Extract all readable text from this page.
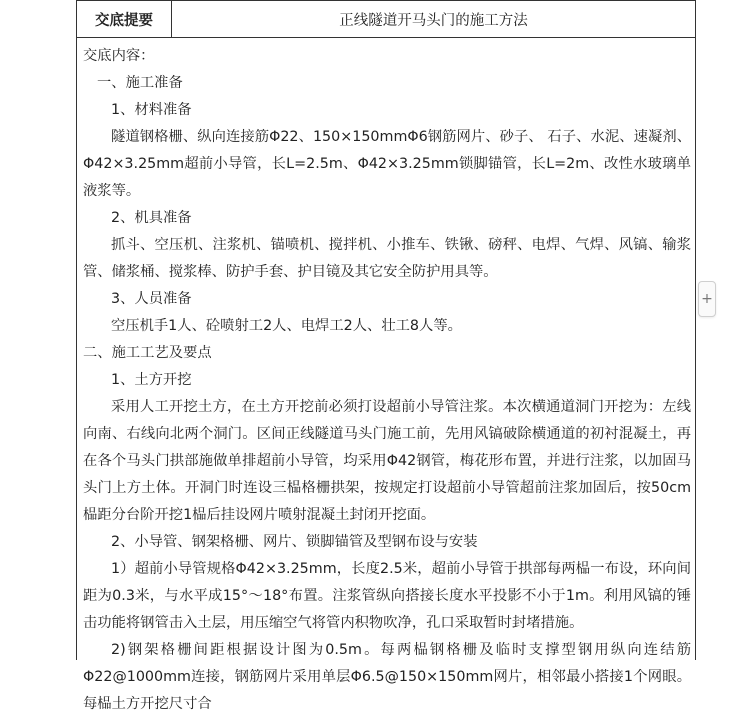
交底提要	正线隧道开马头门的施工方法

交底内容：

一、施工准备

1、材料准备

隧道钢格栅、纵向连接筋Φ22、150×150mmΦ6钢筋网片、砂子、 石子、水泥、速凝剂、Φ42×3.25mm超前小导管，长L=2.5m、Φ42×3.25mm锁脚锚管，长L=2m、改性水玻璃单液浆等。

2、机具准备

抓斗、空压机、注浆机、锚喷机、搅拌机、小推车、铁锹、磅秤、电焊、气焊、风镐、输浆管、储浆桶、搅浆棒、防护手套、护目镜及其它安全防护用具等。

3、人员准备

空压机手1人、砼喷射工2人、电焊工2人、壮工8人等。

二、施工工艺及要点

1、土方开挖

采用人工开挖土方，在土方开挖前必须打设超前小导管注浆。本次横通道洞门开挖为：左线向南、右线向北两个洞门。区间正线隧道马头门施工前，先用风镐破除横通道的初衬混凝土，再在各个马头门拱部施做单排超前小导管，均采用Φ42钢管，梅花形布置，并进行注浆，以加固马头门上方土体。开洞门时连设三榀格栅拱架，按规定打设超前小导管超前注浆加固后，按50cm榀距分台阶开挖1榀后挂设网片喷射混凝土封闭开挖面。

2、小导管、钢架格栅、网片、锁脚锚管及型钢布设与安装

1）超前小导管规格Φ42×3.25mm，长度2.5米，超前小导管于拱部每两榀一布设，环向间距为0.3米，与水平成15°～18°布置。注浆管纵向搭接长度水平投影不小于1m。利用风镐的锤击功能将钢管击入土层，用压缩空气将管内积物吹净，孔口采取暂时封堵措施。

2)钢架格栅间距根据设计图为0.5m。每两榀钢格栅及临时支撑型钢用纵向连结筋Φ22@1000mm连接，钢筋网片采用单层Φ6.5@150×150mm网片，相邻最小搭接1个网眼。每榀土方开挖尺寸合

+
